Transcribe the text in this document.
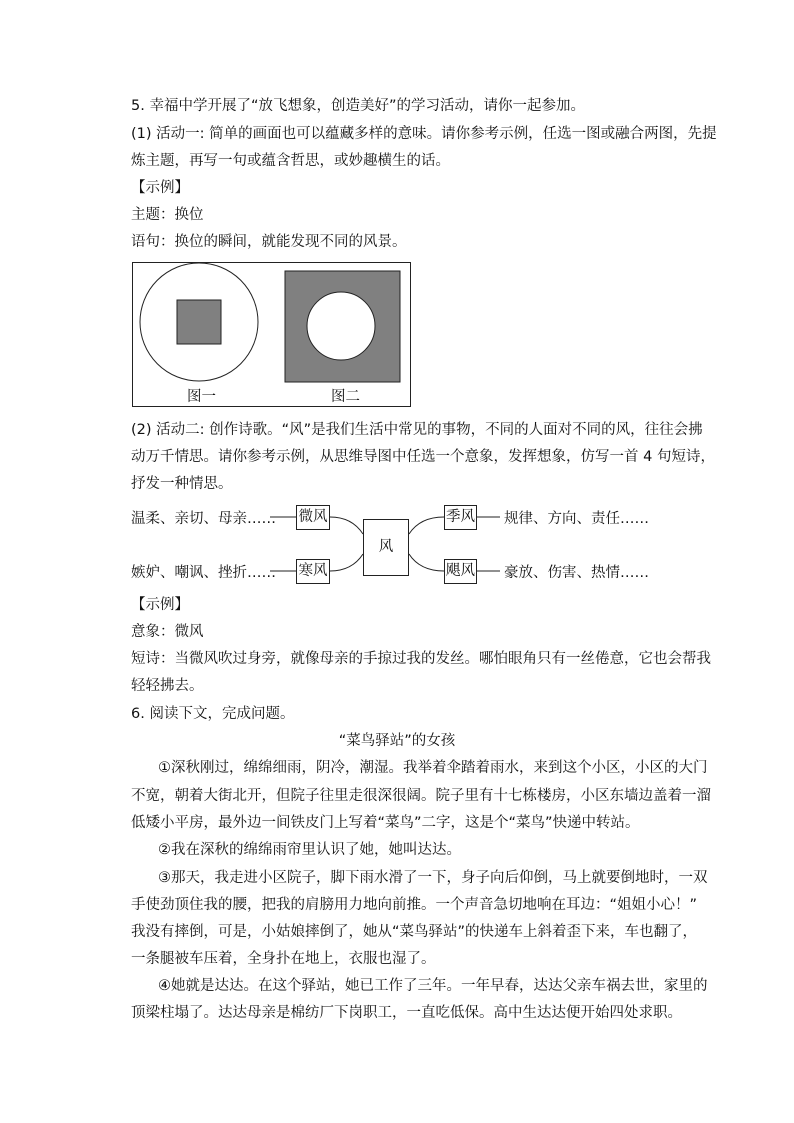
5. 幸福中学开展了“放飞想象，创造美好”的学习活动，请你一起参加。
(1) 活动一: 简单的画面也可以蕴藏多样的意味。请你参考示例，任选一图或融合两图，先提
炼主题，再写一句或蕴含哲思，或妙趣横生的话。
【示例】
主题：换位
语句：换位的瞬间，就能发现不同的风景。
图一	图二
(2) 活动二: 创作诗歌。“风”是我们生活中常见的事物，不同的人面对不同的风，往往会拂
动万千情思。请你参考示例，从思维导图中任选一个意象，发挥想象，仿写一首 4 句短诗，
抒发一种情思。
温柔、亲切、母亲……
嫉妒、嘲讽、挫折……
规律、方向、责任……
豪放、伤害、热情……
微风
寒风
风
季风
飓风
【示例】
意象：微风
短诗：当微风吹过身旁，就像母亲的手掠过我的发丝。哪怕眼角只有一丝倦意，它也会帮我
轻轻拂去。
6. 阅读下文，完成问题。
“菜鸟驿站”的女孩
①深秋刚过，绵绵细雨，阴冷，潮湿。我举着伞踏着雨水，来到这个小区，小区的大门
不宽，朝着大街北开，但院子往里走很深很阔。院子里有十七栋楼房，小区东墙边盖着一溜
低矮小平房，最外边一间铁皮门上写着“菜鸟”二字，这是个“菜鸟”快递中转站。
②我在深秋的绵绵雨帘里认识了她，她叫达达。
③那天，我走进小区院子，脚下雨水滑了一下，身子向后仰倒，马上就要倒地时，一双
手使劲顶住我的腰，把我的肩膀用力地向前推。一个声音急切地响在耳边：“姐姐小心！”
我没有摔倒，可是，小姑娘摔倒了，她从“菜鸟驿站”的快递车上斜着歪下来，车也翻了，
一条腿被车压着，全身扑在地上，衣服也湿了。
④她就是达达。在这个驿站，她已工作了三年。一年早春，达达父亲车祸去世，家里的
顶梁柱塌了。达达母亲是棉纺厂下岗职工，一直吃低保。高中生达达便开始四处求职。
